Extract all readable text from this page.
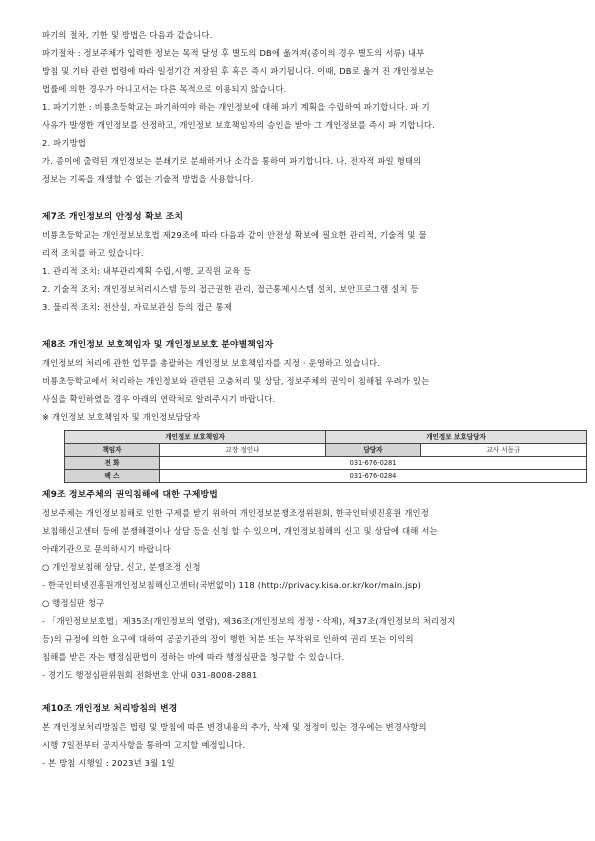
파기의 절차, 기한 및 방법은 다음과 같습니다.

파기절차 : 정보주체가 입력한 정보는 목적 달성 후 별도의 DB에 옮겨져(종이의 경우 별도의 서류) 내부

방침 및 기타 관련 법령에 따라 일정기간 저장된 후 혹은 즉시 파기됩니다. 이때, DB로 옮겨 진 개인정보는

법률에 의한 경우가 아니고서는 다른 목적으로 이용되지 않습니다.

1. 파기기한 : 비룡초등학교는 파기하여야 하는 개인정보에 대해 파기 계획을 수립하여 파기합니다. 파 기

사유가 발생한 개인정보를 선정하고, 개인정보 보호책임자의 승인을 받아 그 개인정보를 즉시 파 기합니다.

2. 파기방법

가. 종이에 출력된 개인정보는 분쇄기로 분쇄하거나 소각을 통하여 파기합니다. 나. 전자적 파일 형태의

정보는 기록을 재생할 수 없는 기술적 방법을 사용합니다.

제7조 개인정보의 안정성 확보 조치

비룡초등학교는 개인정보보호법 제29조에 따라 다음과 같이 안전성 확보에 필요한 관리적, 기술적 및 물

리적 조치를 하고 있습니다.

1. 관리적 조치: 내부관리계획 수립,시행, 교직원 교육 등

2. 기술적 조치: 개인정보처리시스템 등의 접근권한 관리, 접근통제시스템 설치, 보안프로그램 설치 등

3. 물리적 조치: 전산실, 자료보관실 등의 접근 통제

제8조 개인정보 보호책임자 및 개인정보보호 분야별책임자

개인정보의 처리에 관한 업무를 총괄하는 개인정보 보호책임자를 지정 · 운영하고 있습니다.

비룡초등학교에서 처리하는 개인정보와 관련된 고충처리 및 상담, 정보주체의 권익이 침해될 우려가 있는

사실을 확인하였을 경우 아래의 연락처로 알려주시기 바랍니다.

※ 개인정보 보호책임자 및 개인정보담당자

개인정보 보호책임자		개인정보 보호담당자	
책임자	교장 정인나	담당자	교사 서동규
전 화	031-676-0281		
팩 스	031-676-0284		

제9조 정보주체의 권익침해에 대한 구제방법

정보주체는 개인정보침해로 인한 구제를 받기 위하여 개인정보분쟁조정위원회, 한국인터넷진흥원 개인정

보침해신고센터 등에 분쟁해결이나 상담 등을 신청 할 수 있으며, 개인정보침해의 신고 및 상담에 대해 서는

아래기관으로 문의하시기 바랍니다

○ 개인정보침해 상담, 신고, 분쟁조정 신청

- 한국인터넷진흥원개인정보침해신고센터(국번없이) 118 (http://privacy.kisa.or.kr/kor/main.jsp)

○ 행정심판 청구

- 「개인정보보호법」제35조(개인정보의 열람), 제36조(개인정보의 정정・삭제), 제37조(개인정보의 처리정지

등)의 규정에 의한 요구에 대하여 공공기관의 장이 행한 처분 또는 부작위로 인하여 권리 또는 이익의

침해를 받은 자는 행정심판법이 정하는 바에 따라 행정심판을 청구할 수 있습니다.

- 경기도 행정심판위원회 전화번호 안내 031-8008-2881

제10조 개인정보 처리방침의 변경

본 개인정보처리방침은 법령 및 방침에 따른 변경내용의 추가, 삭제 및 정정이 있는 경우에는 변경사항의

시행 7일전부터 공지사항을 통하여 고지할 예정입니다.

- 본 방침 시행일 : 2023년 3월 1일
